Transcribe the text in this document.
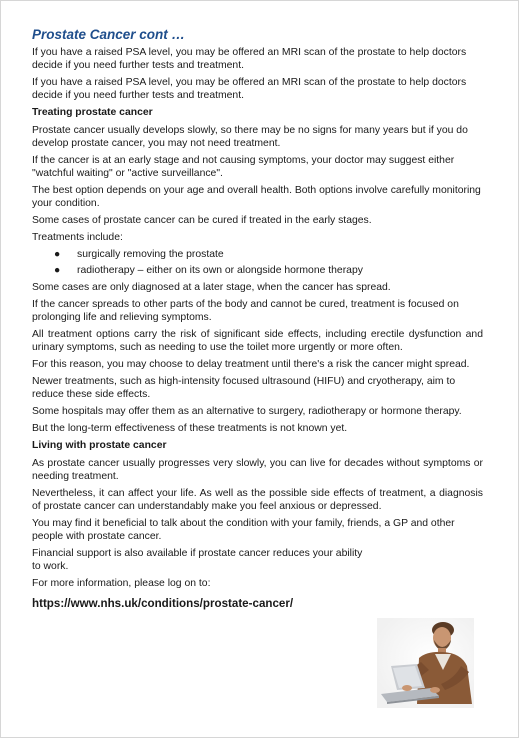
Prostate Cancer cont …

If you have a raised PSA level, you may be offered an MRI scan of the prostate to help doctors decide if you need further tests and treatment.

If you have a raised PSA level, you may be offered an MRI scan of the prostate to help doctors decide if you need further tests and treatment.

Treating prostate cancer

Prostate cancer usually develops slowly, so there may be no signs for many years but if you do develop prostate cancer, you may not need treatment.

If the cancer is at an early stage and not causing symptoms, your doctor may suggest either "watchful waiting" or "active surveillance".

The best option depends on your age and overall health. Both options involve carefully monitoring your condition.

Some cases of prostate cancer can be cured if treated in the early stages.

Treatments include:

● surgically removing the prostate
● radiotherapy – either on its own or alongside hormone therapy

Some cases are only diagnosed at a later stage, when the cancer has spread.

If the cancer spreads to other parts of the body and cannot be cured, treatment is focused on prolonging life and relieving symptoms.

All treatment options carry the risk of significant side effects, including erectile dysfunction and urinary symptoms, such as needing to use the toilet more urgently or more often.

For this reason, you may choose to delay treatment until there's a risk the cancer might spread.

Newer treatments, such as high-intensity focused ultrasound (HIFU) and cryotherapy, aim to reduce these side effects.

Some hospitals may offer them as an alternative to surgery, radiotherapy or hormone therapy.

But the long-term effectiveness of these treatments is not known yet.

Living with prostate cancer

As prostate cancer usually progresses very slowly, you can live for decades without symptoms or needing treatment.

Nevertheless, it can affect your life. As well as the possible side effects of treatment, a diagnosis of prostate cancer can understandably make you feel anxious or depressed.

You may find it beneficial to talk about the condition with your family, friends, a GP and other people with prostate cancer.

Financial support is also available if prostate cancer reduces your ability to work.

For more information, please log on to:

https://www.nhs.uk/conditions/prostate-cancer/
